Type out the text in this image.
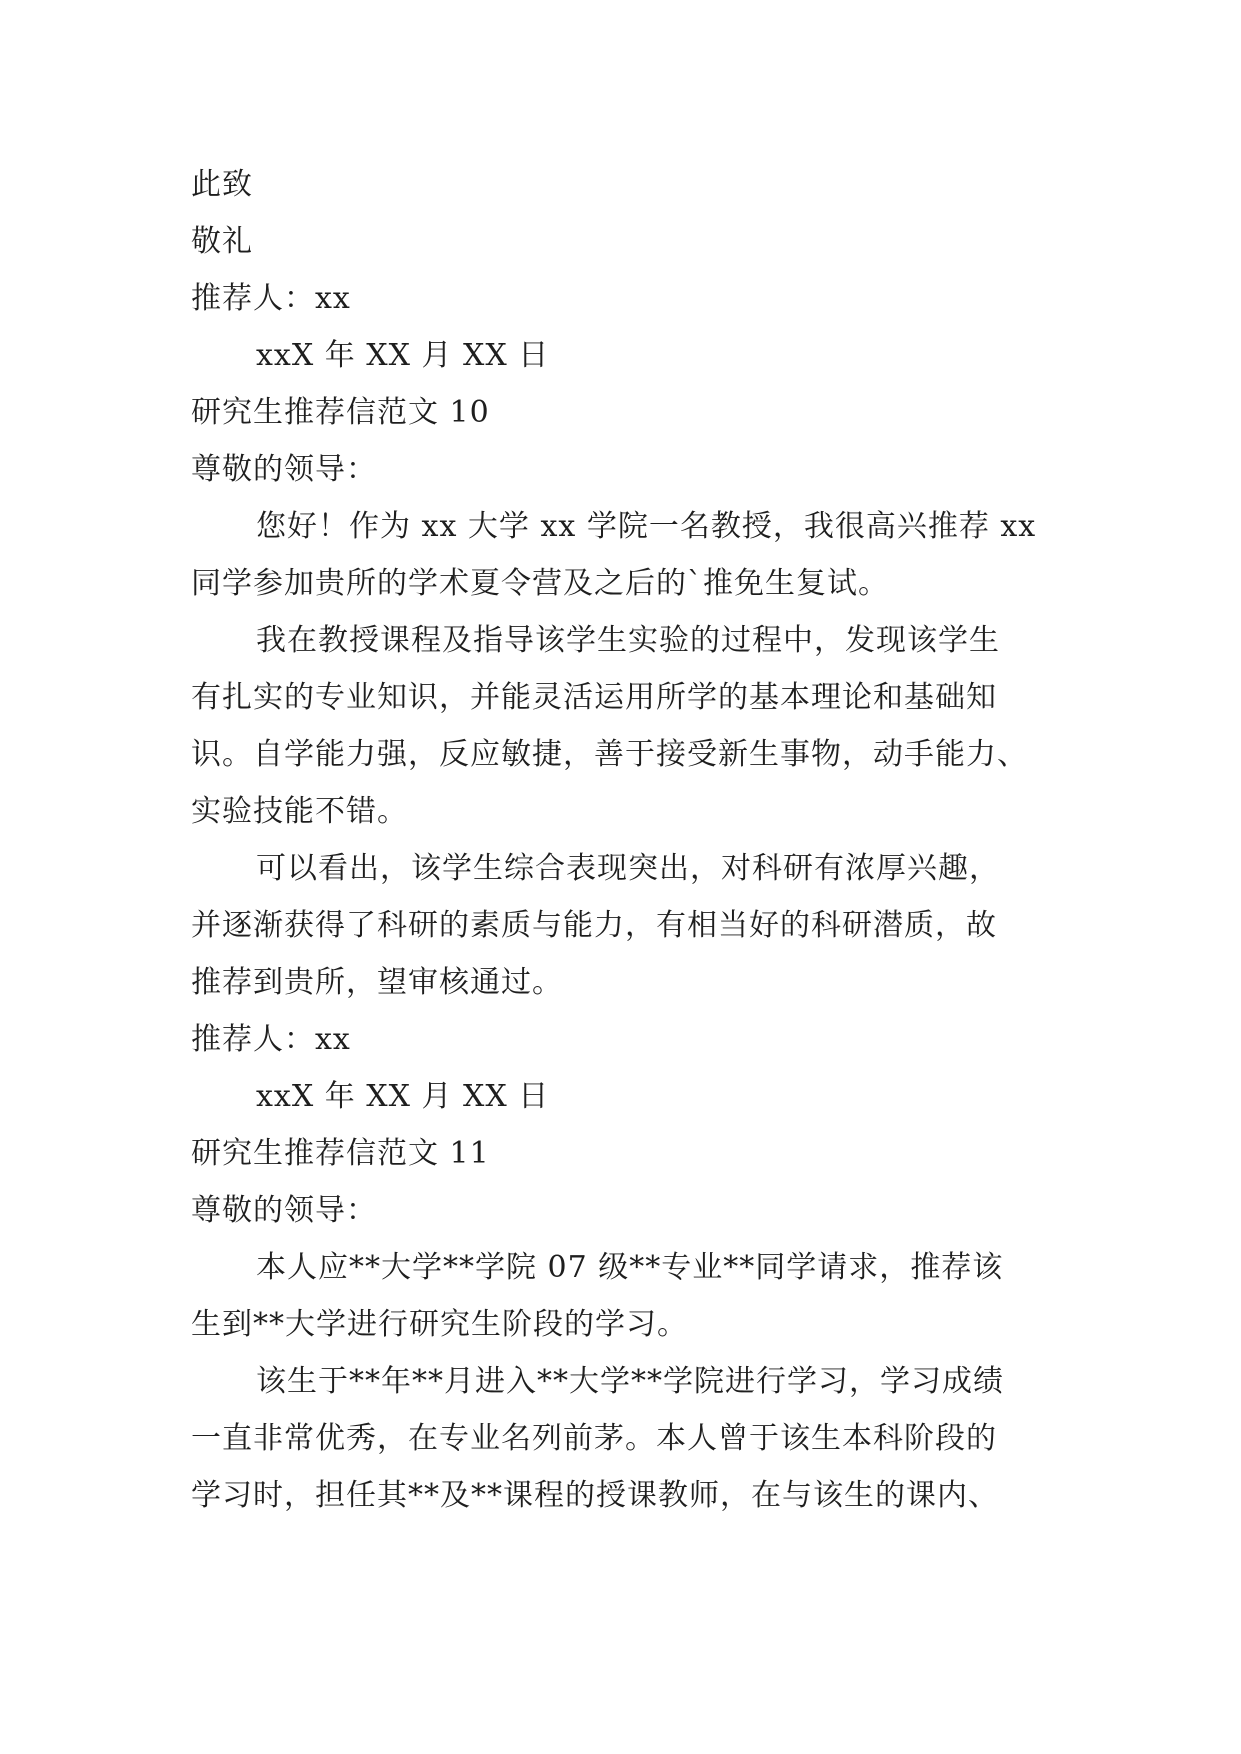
此致
敬礼
推荐人：xx
xxX 年 XX 月 XX 日
研究生推荐信范文 10
尊敬的领导：
您好！作为 xx 大学 xx 学院一名教授，我很高兴推荐 xx
同学参加贵所的学术夏令营及之后的`推免生复试。
我在教授课程及指导该学生实验的过程中，发现该学生
有扎实的专业知识，并能灵活运用所学的基本理论和基础知
识。自学能力强，反应敏捷，善于接受新生事物，动手能力、
实验技能不错。
可以看出，该学生综合表现突出，对科研有浓厚兴趣，
并逐渐获得了科研的素质与能力，有相当好的科研潜质，故
推荐到贵所，望审核通过。
推荐人：xx
xxX 年 XX 月 XX 日
研究生推荐信范文 11
尊敬的领导：
本人应**大学**学院 07 级**专业**同学请求，推荐该
生到**大学进行研究生阶段的学习。
该生于**年**月进入**大学**学院进行学习，学习成绩
一直非常优秀，在专业名列前茅。本人曾于该生本科阶段的
学习时，担任其**及**课程的授课教师，在与该生的课内、
